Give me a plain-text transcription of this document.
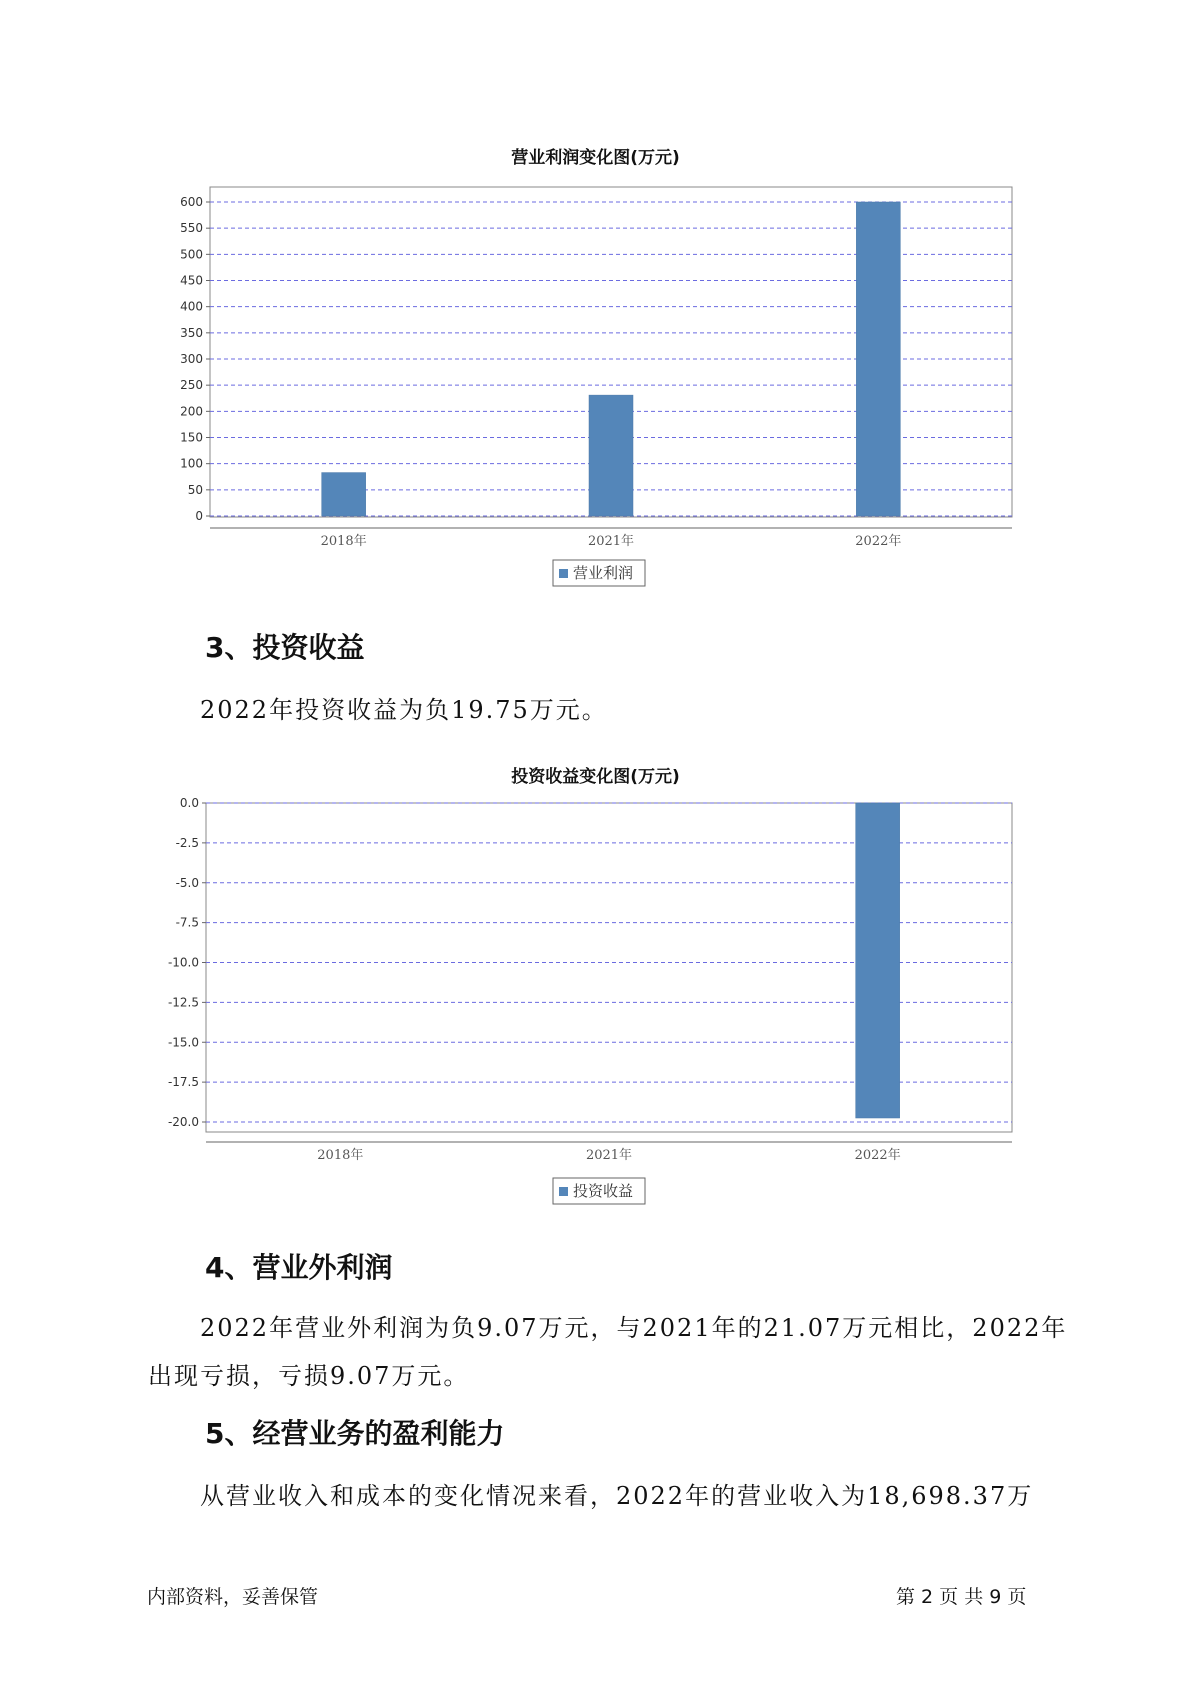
营业利润变化图(万元)
0
50
100
150
200
250
300
350
400
450
500
550
600
2018年	2021年	2022年
营业利润
3、投资收益
2022年投资收益为负19.75万元。
投资收益变化图(万元)
0.0
-2.5
-5.0
-7.5
-10.0
-12.5
-15.0
-17.5
-20.0
2018年	2021年	2022年
投资收益
4、营业外利润
2022年营业外利润为负9.07万元，与2021年的21.07万元相比，2022年
出现亏损，亏损9.07万元。
5、经营业务的盈利能力
从营业收入和成本的变化情况来看，2022年的营业收入为18,698.37万
内部资料，妥善保管	第 2 页 共 9 页
